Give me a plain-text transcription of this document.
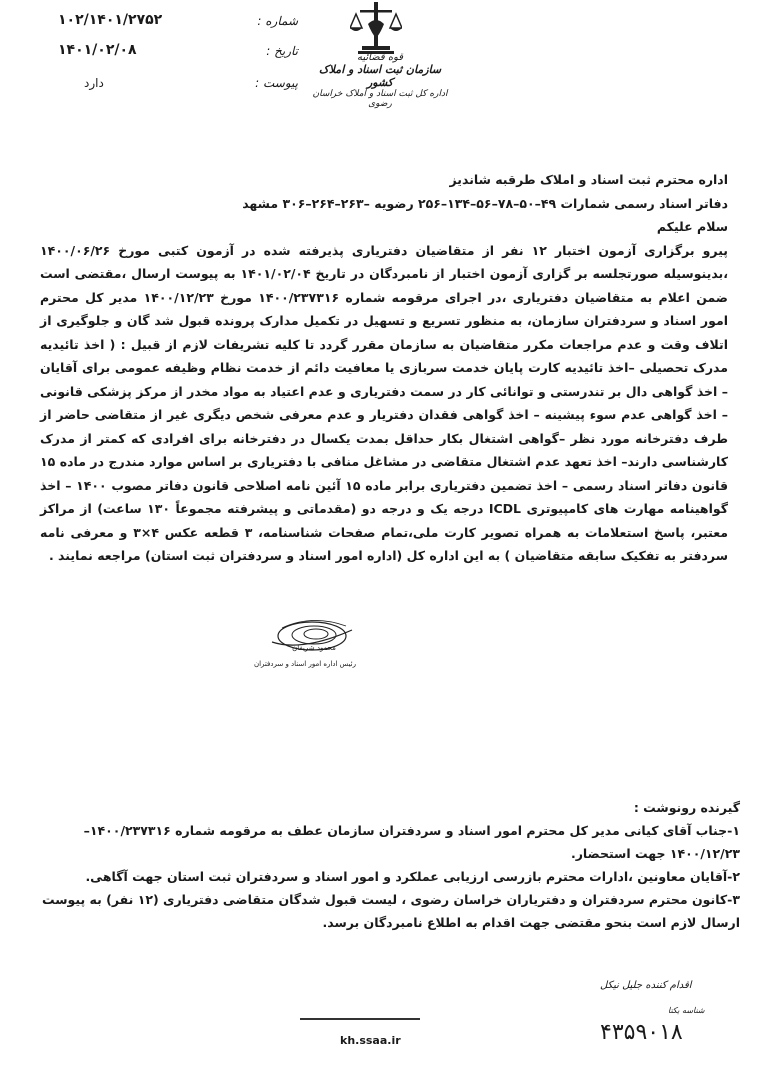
۱۰۲/۱۴۰۱/۲۷۵۲	شماره :
۱۴۰۱/۰۲/۰۸	تاریخ :
دارد	پیوست :
قوه قضائیه
سازمان ثبت اسناد و املاک کشور
اداره کل ثبت اسناد و املاک خراسان رضوی
اداره محترم ثبت اسناد و املاک طرقبه شاندیز
دفاتر اسناد رسمی شمارات ۴۹–۵۰–۷۸–۵۶–۱۳۴–۲۵۶ رضویه –۲۶۳–۲۶۴–۳۰۶ مشهد
سلام علیکم
پیرو برگزاری آزمون اختبار ۱۲ نفر از متقاضیان دفتریاری پذیرفته شده در آزمون کتبی مورخ ۱۴۰۰/۰۶/۲۶ ،بدینوسیله صورتجلسه بر گزاری آزمون اختبار از نامبردگان در تاریخ ۱۴۰۱/۰۲/۰۴ به پیوست ارسال ،مقتضی است ضمن اعلام به متقاضیان دفتریاری ،در اجرای مرقومه شماره ۱۴۰۰/۲۳۷۳۱۶ مورخ ۱۴۰۰/۱۲/۲۳ مدیر کل محترم امور اسناد و سردفتران سازمان، به منظور تسریع و تسهیل در تکمیل مدارک پرونده قبول شد گان و جلوگیری از اتلاف وقت و عدم مراجعات مکرر متقاضیان به سازمان مقرر گردد تا کلیه تشریفات لازم از قبیل : ( اخذ تائیدیه مدرک تحصیلی –اخذ تائیدیه کارت پایان خدمت سربازی یا معافیت دائم از خدمت نظام وظیفه عمومی برای آقایان – اخذ گواهی دال بر تندرستی و توانائی کار در سمت دفتریاری و عدم اعتیاد به مواد مخدر از مرکز پزشکی قانونی – اخذ گواهی عدم سوء پیشینه – اخذ گواهی فقدان دفتریار و عدم معرفی شخص دیگری غیر از متقاضی حاضر از طرف دفترخانه مورد نظر –گواهی اشتغال بکار حداقل بمدت یکسال در دفترخانه برای افرادی که کمتر از مدرک کارشناسی دارند– اخذ تعهد عدم اشتغال متقاضی در مشاغل منافی با دفتریاری بر اساس موارد مندرج در ماده ۱۵ قانون دفاتر اسناد رسمی – اخذ تضمین دفتریاری برابر ماده ۱۵ آئین نامه اصلاحی قانون دفاتر مصوب ۱۴۰۰ – اخذ گواهینامه مهارت های کامپیوتری ICDL درجه یک و درجه دو (مقدماتی و پیشرفته مجموعاً ۱۳۰ ساعت) از مراکز معتبر، پاسخ استعلامات به همراه تصویر کارت ملی،تمام صفحات شناسنامه، ۳ قطعه عکس ۴×۳ و معرفی نامه سردفتر به تفکیک سابقه متقاضیان ) به این اداره کل (اداره امور اسناد و سردفتران ثبت استان) مراجعه نمایند .
محمود شریفان
رئیس اداره امور اسناد و سردفتران
گیرنده رونوشت :
۱-جناب آقای کیانی مدیر کل محترم امور اسناد و سردفتران سازمان عطف به مرقومه شماره ۱۴۰۰/۲۳۷۳۱۶–۱۴۰۰/۱۲/۲۳ جهت استحضار.
۲-آقایان معاونین ،ادارات محترم بازرسی ارزیابی عملکرد و امور اسناد و سردفتران ثبت استان جهت آگاهی.
۳-کانون محترم سردفتران و دفتریاران خراسان رضوی ، لیست قبول شدگان متقاضی دفتریاری (۱۲ نفر) به پیوست ارسال لازم است بنحو مقتضی جهت اقدام به اطلاع نامبردگان برسد.
اقدام کننده جلیل نیکل
شناسه یکتا
kh.ssaa.ir	۴۳۵۹۰۱۸
